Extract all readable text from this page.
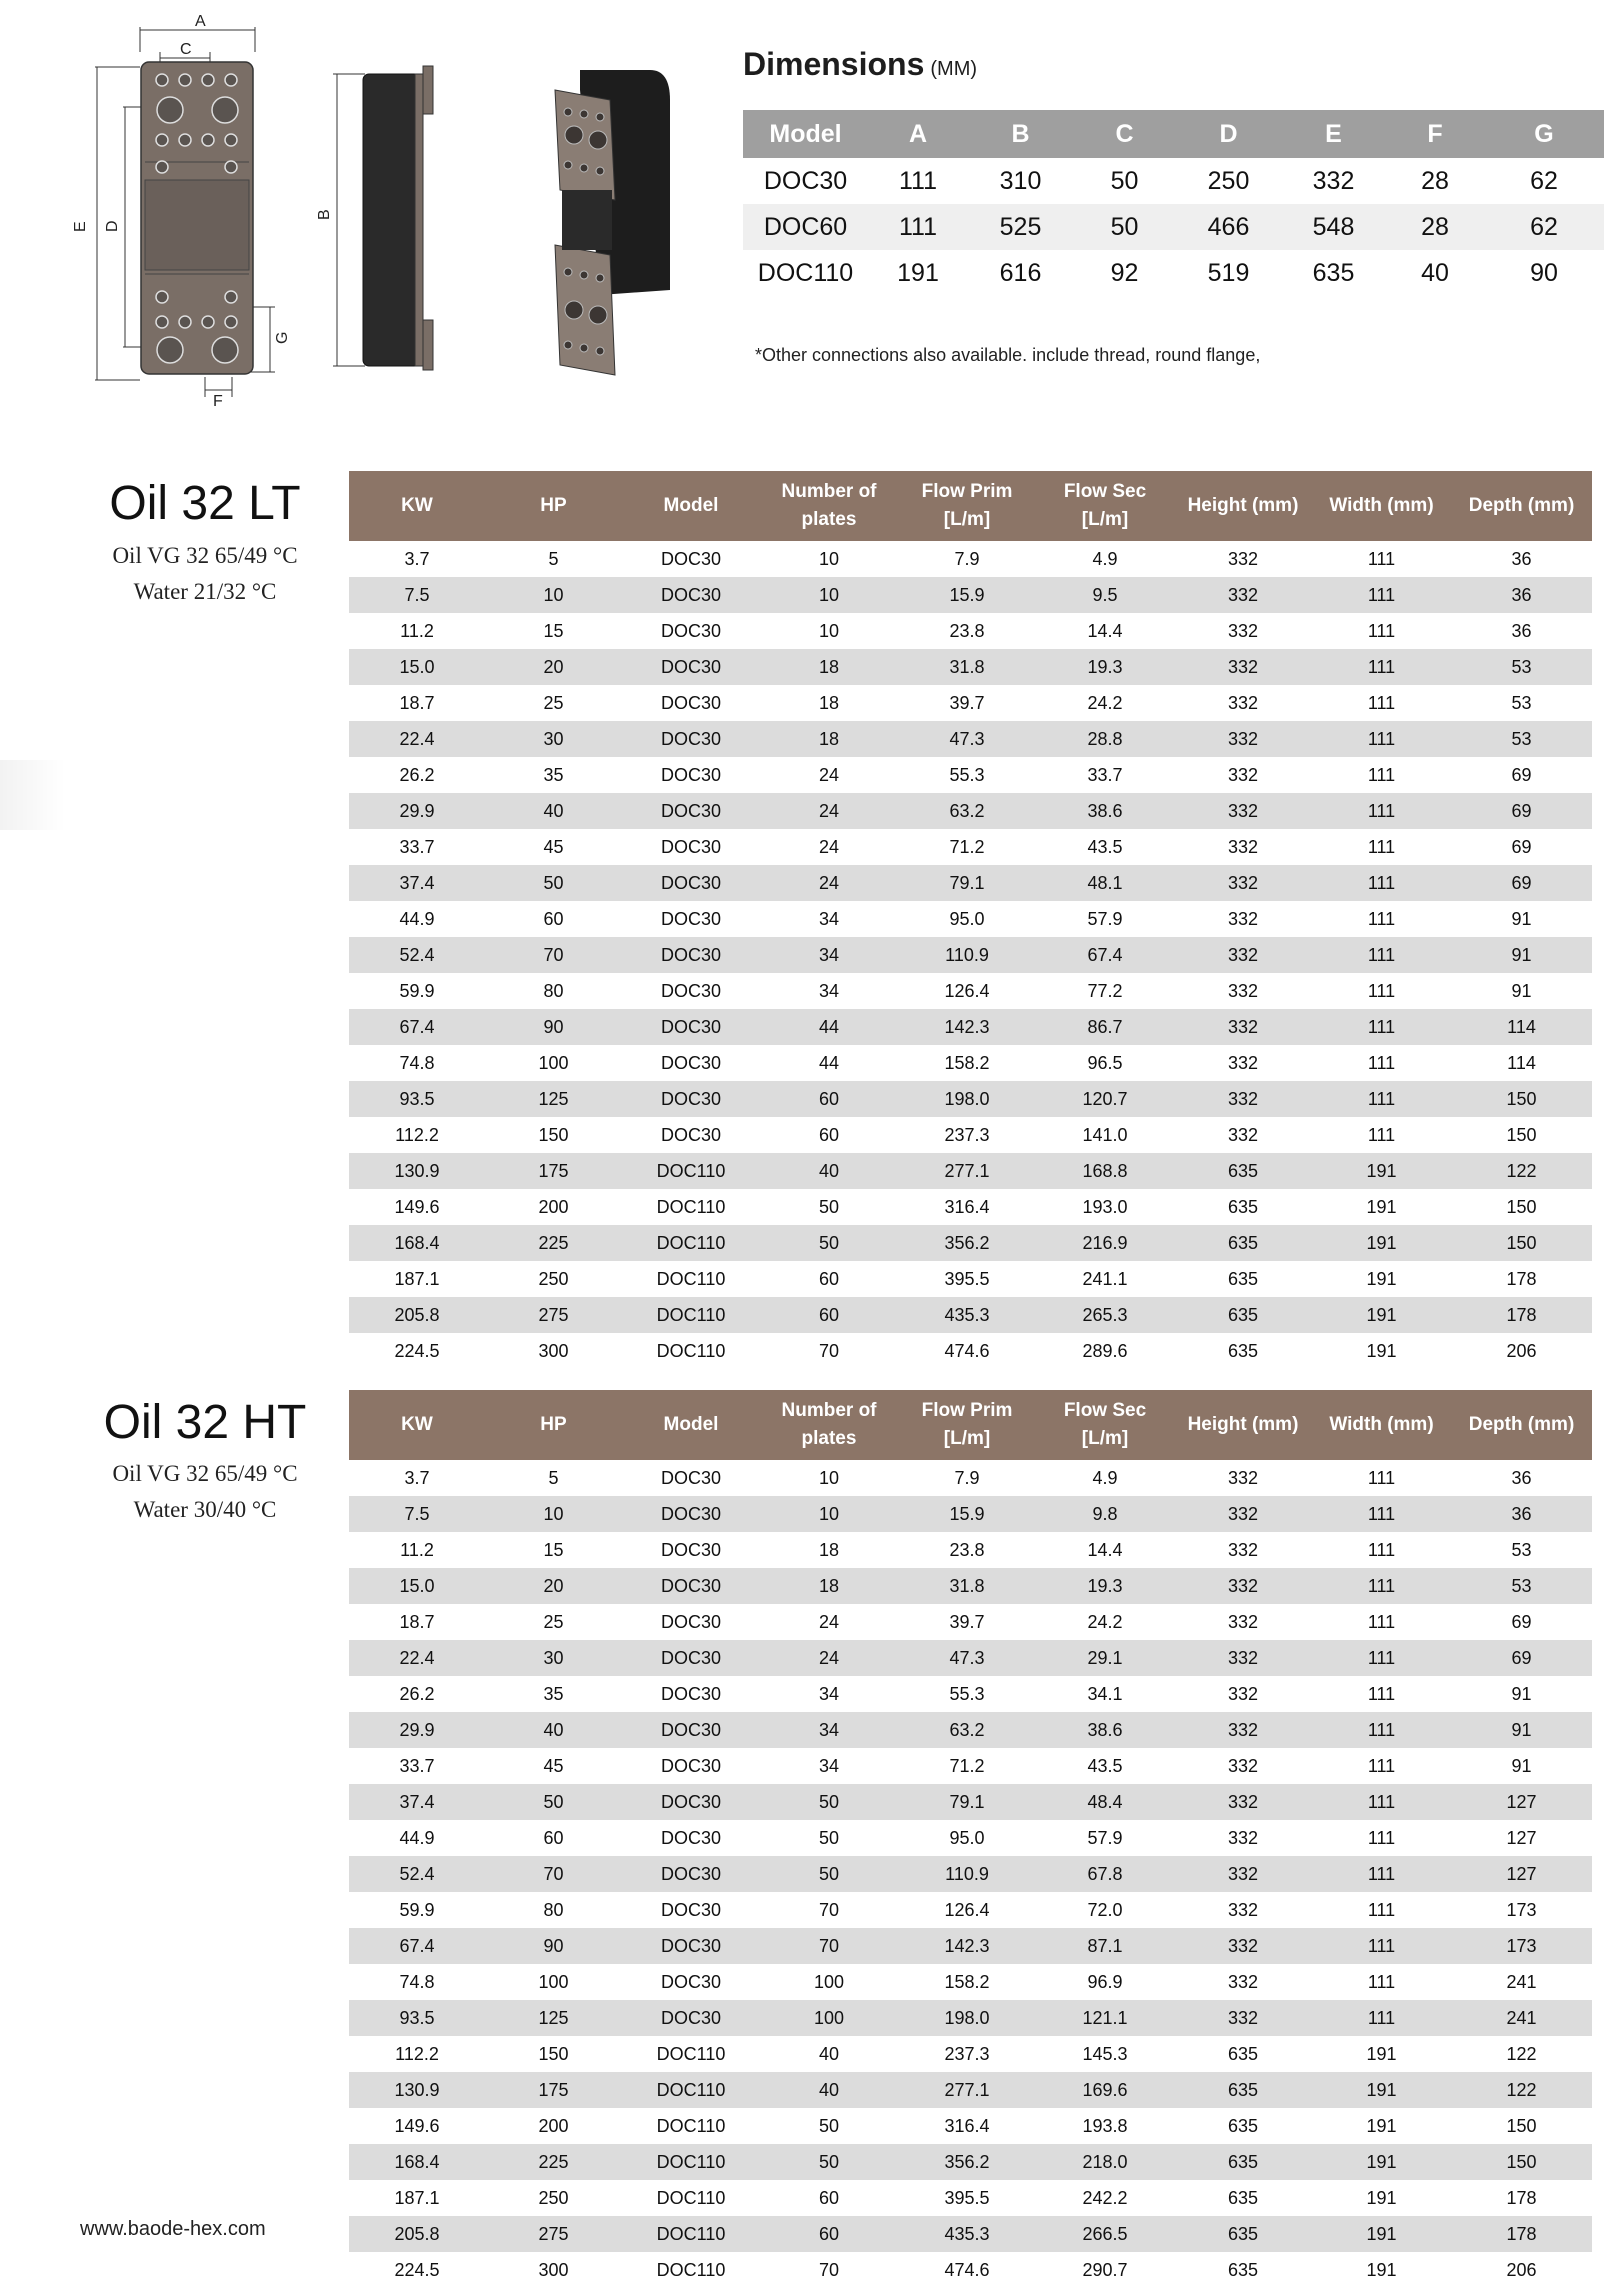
A
C
E D
G
F
B
Dimensions (MM)
Model	A	B	C	D	E	F	G
DOC30	111	310	50	250	332	28	62
DOC60	111	525	50	466	548	28	62
DOC110	191	616	92	519	635	40	90
*Other connections also available. include thread, round flange,
Oil 32 LT
Oil VG 32 65/49 °C
Water 21/32 °C
KW	HP	Model	Number of plates	Flow Prim [L/m]	Flow Sec [L/m]	Height (mm)	Width (mm)	Depth (mm)
3.7	5	DOC30	10	7.9	4.9	332	111	36
7.5	10	DOC30	10	15.9	9.5	332	111	36
11.2	15	DOC30	10	23.8	14.4	332	111	36
15.0	20	DOC30	18	31.8	19.3	332	111	53
18.7	25	DOC30	18	39.7	24.2	332	111	53
22.4	30	DOC30	18	47.3	28.8	332	111	53
26.2	35	DOC30	24	55.3	33.7	332	111	69
29.9	40	DOC30	24	63.2	38.6	332	111	69
33.7	45	DOC30	24	71.2	43.5	332	111	69
37.4	50	DOC30	24	79.1	48.1	332	111	69
44.9	60	DOC30	34	95.0	57.9	332	111	91
52.4	70	DOC30	34	110.9	67.4	332	111	91
59.9	80	DOC30	34	126.4	77.2	332	111	91
67.4	90	DOC30	44	142.3	86.7	332	111	114
74.8	100	DOC30	44	158.2	96.5	332	111	114
93.5	125	DOC30	60	198.0	120.7	332	111	150
112.2	150	DOC30	60	237.3	141.0	332	111	150
130.9	175	DOC110	40	277.1	168.8	635	191	122
149.6	200	DOC110	50	316.4	193.0	635	191	150
168.4	225	DOC110	50	356.2	216.9	635	191	150
187.1	250	DOC110	60	395.5	241.1	635	191	178
205.8	275	DOC110	60	435.3	265.3	635	191	178
224.5	300	DOC110	70	474.6	289.6	635	191	206
Oil 32 HT
Oil VG 32 65/49 °C
Water 30/40 °C
KW	HP	Model	Number of plates	Flow Prim [L/m]	Flow Sec [L/m]	Height (mm)	Width (mm)	Depth (mm)
3.7	5	DOC30	10	7.9	4.9	332	111	36
7.5	10	DOC30	10	15.9	9.8	332	111	36
11.2	15	DOC30	18	23.8	14.4	332	111	53
15.0	20	DOC30	18	31.8	19.3	332	111	53
18.7	25	DOC30	24	39.7	24.2	332	111	69
22.4	30	DOC30	24	47.3	29.1	332	111	69
26.2	35	DOC30	34	55.3	34.1	332	111	91
29.9	40	DOC30	34	63.2	38.6	332	111	91
33.7	45	DOC30	34	71.2	43.5	332	111	91
37.4	50	DOC30	50	79.1	48.4	332	111	127
44.9	60	DOC30	50	95.0	57.9	332	111	127
52.4	70	DOC30	50	110.9	67.8	332	111	127
59.9	80	DOC30	70	126.4	72.0	332	111	173
67.4	90	DOC30	70	142.3	87.1	332	111	173
74.8	100	DOC30	100	158.2	96.9	332	111	241
93.5	125	DOC30	100	198.0	121.1	332	111	241
112.2	150	DOC110	40	237.3	145.3	635	191	122
130.9	175	DOC110	40	277.1	169.6	635	191	122
149.6	200	DOC110	50	316.4	193.8	635	191	150
168.4	225	DOC110	50	356.2	218.0	635	191	150
187.1	250	DOC110	60	395.5	242.2	635	191	178
205.8	275	DOC110	60	435.3	266.5	635	191	178
224.5	300	DOC110	70	474.6	290.7	635	191	206
www.baode-hex.com
